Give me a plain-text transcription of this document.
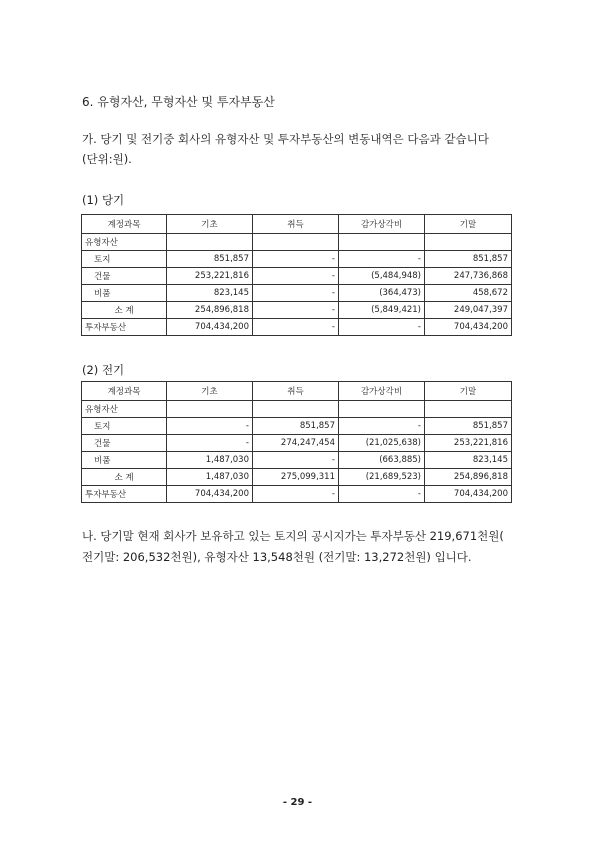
6. 유형자산, 무형자산 및 투자부동산
가. 당기 및 전기중 회사의 유형자산 및 투자부동산의 변동내역은 다음과 같습니다
(단위:원).
(1) 당기
계정과목	기초	취득	감가상각비	기말
유형자산				
토지	851,857	-	-	851,857
건물	253,221,816	-	(5,484,948)	247,736,868
비품	823,145	-	(364,473)	458,672
소 계	254,896,818	-	(5,849,421)	249,047,397
투자부동산	704,434,200	-	-	704,434,200
(2) 전기
계정과목	기초	취득	감가상각비	기말
유형자산				
토지	-	851,857	-	851,857
건물	-	274,247,454	(21,025,638)	253,221,816
비품	1,487,030	-	(663,885)	823,145
소 계	1,487,030	275,099,311	(21,689,523)	254,896,818
투자부동산	704,434,200	-	-	704,434,200
나. 당기말 현재 회사가 보유하고 있는 토지의 공시지가는 투자부동산 219,671천원(
전기말: 206,532천원), 유형자산 13,548천원 (전기말: 13,272천원) 입니다.
- 29 -
